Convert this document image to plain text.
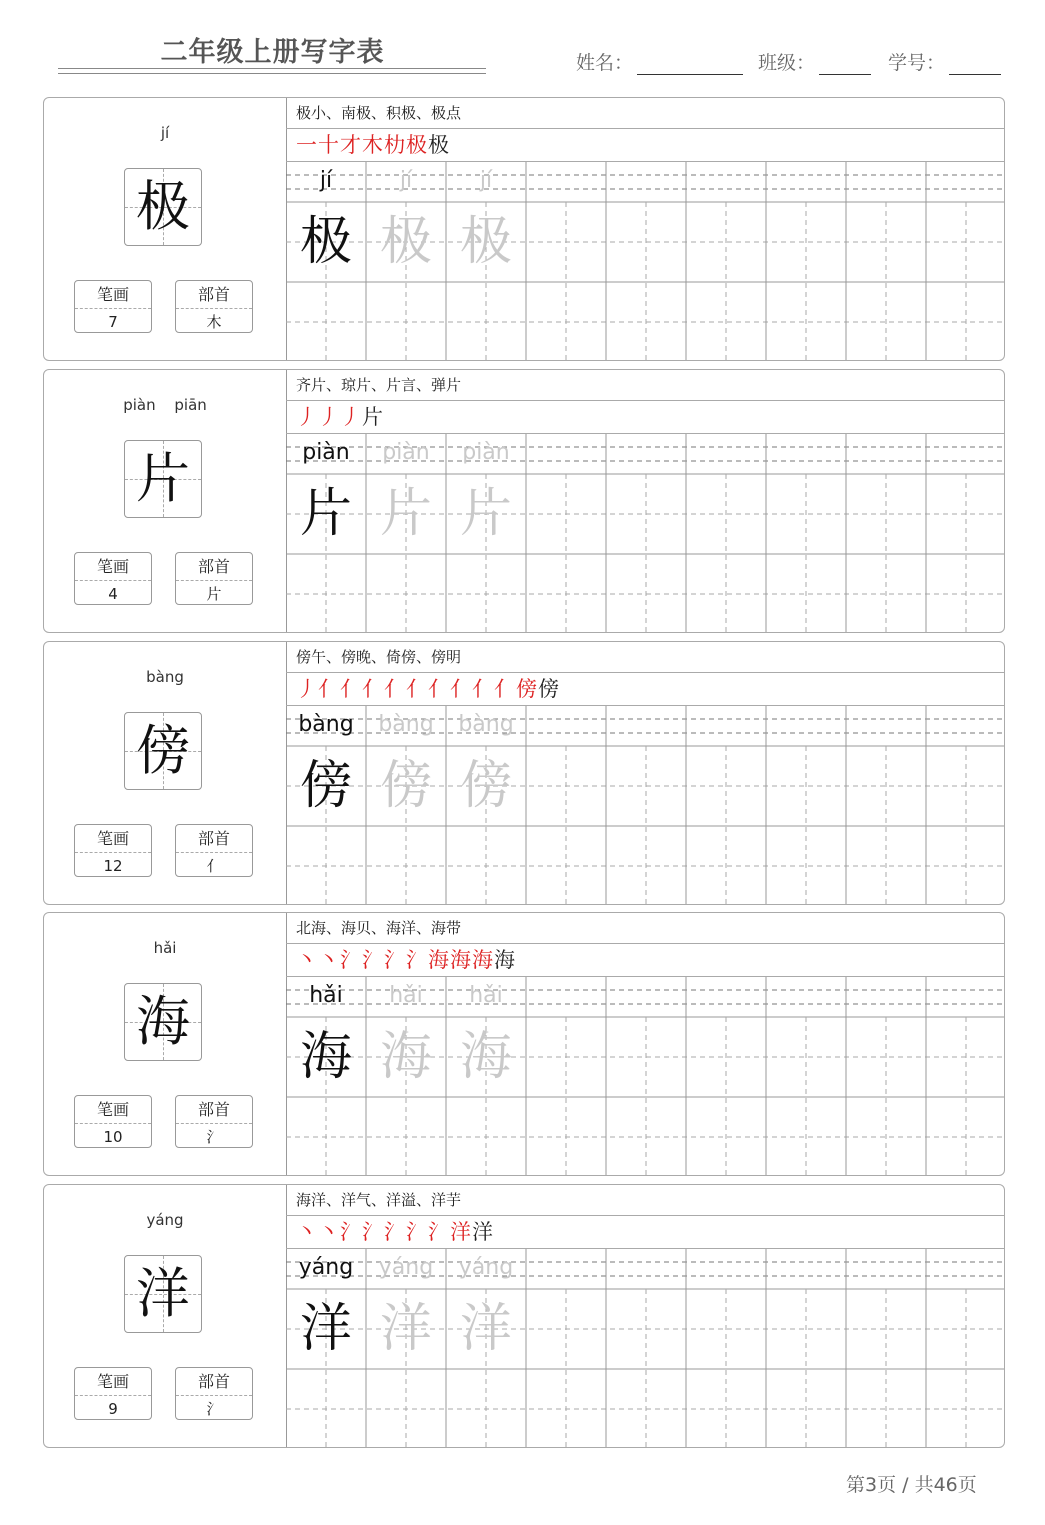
二年级上册写字表	姓名：	班级：	学号：
jí
极
笔画
7
部首
木
极小、南极、积极、极点
一十才木朸极极
jí
极
jí
极
jí
极
piàn piān
片
笔画
4
部首
片
齐片、琼片、片言、弹片
丿丿丿片
piàn
片
piàn
片
piàn
片
bàng
傍
笔画
12
部首
亻
傍午、傍晚、倚傍、傍明
丿亻亻亻亻亻亻亻亻亻傍傍
bàng
傍
bàng
傍
bàng
傍
hǎi
海
笔画
10
部首
氵
北海、海贝、海洋、海带
丶丶氵氵氵氵海海海海
hǎi
海
hǎi
海
hǎi
海
yáng
洋
笔画
9
部首
氵
海洋、洋气、洋溢、洋芋
丶丶氵氵氵氵氵洋洋
yáng
洋
yáng
洋
yáng
洋
第3页 / 共46页
